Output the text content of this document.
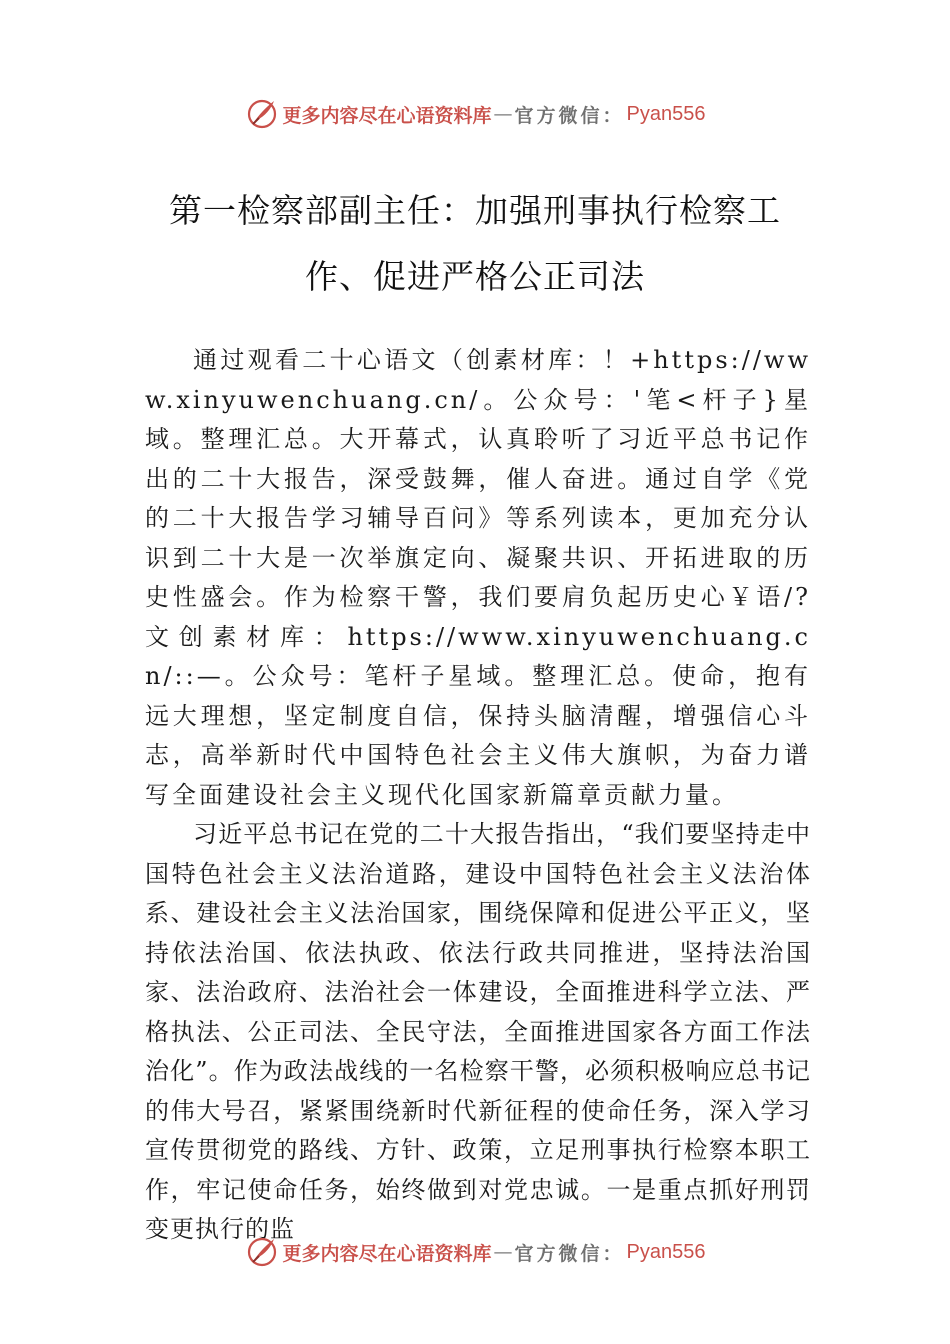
更多内容尽在心语资料库 — 官方微信： Pyan556
第一检察部副主任：加强刑事执行检察工作、促进严格公正司法

通过观看二十心语文（创素材库：！+https://www.xinyuwenchuang.cn/。公众号：'笔<杆子}星域。整理汇总。大开幕式，认真聆听了习近平总书记作出的二十大报告，深受鼓舞，催人奋进。通过自学《党的二十大报告学习辅导百问》等系列读本，更加充分认识到二十大是一次举旗定向、凝聚共识、开拓进取的历史性盛会。作为检察干警，我们要肩负起历史心￥语/?文创素材库：https://www.xinyuwenchuang.cn/::—。公众号：笔杆子星域。整理汇总。使命，抱有远大理想，坚定制度自信，保持头脑清醒，增强信心斗志，高举新时代中国特色社会主义伟大旗帜，为奋力谱写全面建设社会主义现代化国家新篇章贡献力量。

习近平总书记在党的二十大报告指出，“我们要坚持走中国特色社会主义法治道路，建设中国特色社会主义法治体系、建设社会主义法治国家，围绕保障和促进公平正义，坚持依法治国、依法执政、依法行政共同推进，坚持法治国家、法治政府、法治社会一体建设，全面推进科学立法、严格执法、公正司法、全民守法，全面推进国家各方面工作法治化”。作为政法战线的一名检察干警，必须积极响应总书记的伟大号召，紧紧围绕新时代新征程的使命任务，深入学习宣传贯彻党的路线、方针、政策，立足刑事执行检察本职工作，牢记使命任务，始终做到对党忠诚。一是重点抓好刑罚变更执行的监

更多内容尽在心语资料库 — 官方微信： Pyan556
